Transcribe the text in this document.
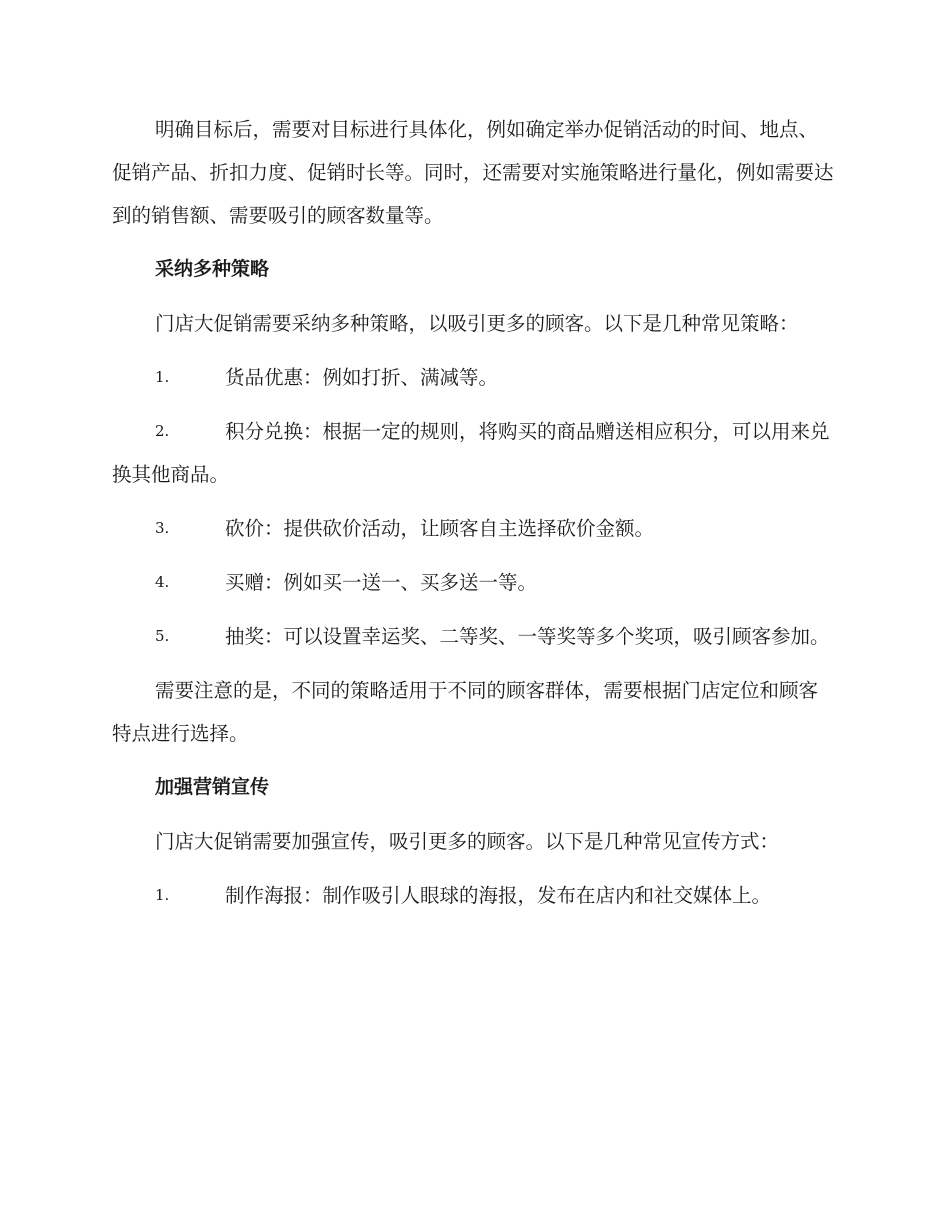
明确目标后，需要对目标进行具体化，例如确定举办促销活动的时间、地点、促销产品、折扣力度、促销时长等。同时，还需要对实施策略进行量化，例如需要达到的销售额、需要吸引的顾客数量等。

采纳多种策略

门店大促销需要采纳多种策略，以吸引更多的顾客。以下是几种常见策略：

1.	货品优惠：例如打折、满减等。

2.	积分兑换：根据一定的规则，将购买的商品赠送相应积分，可以用来兑换其他商品。

3.	砍价：提供砍价活动，让顾客自主选择砍价金额。

4.	买赠：例如买一送一、买多送一等。

5.	抽奖：可以设置幸运奖、二等奖、一等奖等多个奖项，吸引顾客参加。

需要注意的是，不同的策略适用于不同的顾客群体，需要根据门店定位和顾客特点进行选择。

加强营销宣传

门店大促销需要加强宣传，吸引更多的顾客。以下是几种常见宣传方式：

1.	制作海报：制作吸引人眼球的海报，发布在店内和社交媒体上。
